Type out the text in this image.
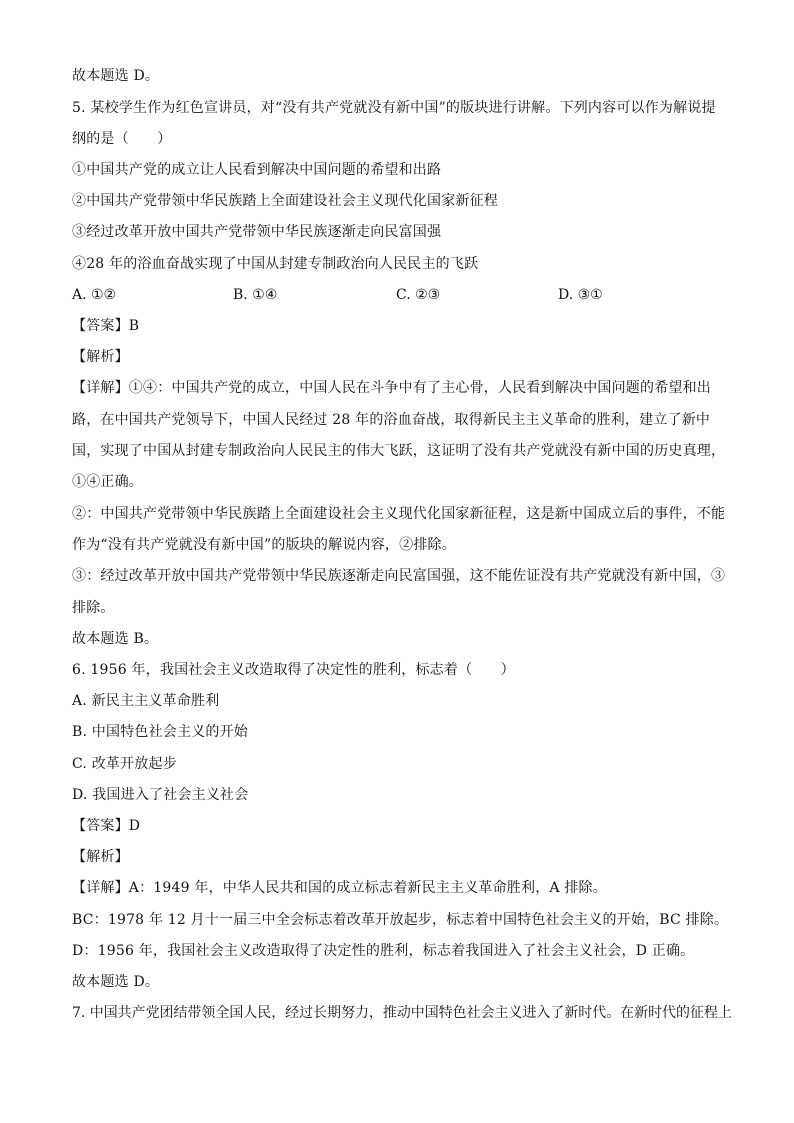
故本题选 D。
5. 某校学生作为红色宣讲员，对“没有共产党就没有新中国”的版块进行讲解。下列内容可以作为解说提
纲的是（　　）
①中国共产党的成立让人民看到解决中国问题的希望和出路
②中国共产党带领中华民族踏上全面建设社会主义现代化国家新征程
③经过改革开放中国共产党带领中华民族逐渐走向民富国强
④28 年的浴血奋战实现了中国从封建专制政治向人民民主的飞跃
A. ①②	B. ①④	C. ②③	D. ③①
【答案】B
【解析】
【详解】①④：中国共产党的成立，中国人民在斗争中有了主心骨，人民看到解决中国问题的希望和出
路，在中国共产党领导下，中国人民经过 28 年的浴血奋战，取得新民主主义革命的胜利，建立了新中
国，实现了中国从封建专制政治向人民民主的伟大飞跃，这证明了没有共产党就没有新中国的历史真理，
①④正确。
②：中国共产党带领中华民族踏上全面建设社会主义现代化国家新征程，这是新中国成立后的事件，不能
作为“没有共产党就没有新中国”的版块的解说内容，②排除。
③：经过改革开放中国共产党带领中华民族逐渐走向民富国强，这不能佐证没有共产党就没有新中国，③
排除。
故本题选 B。
6. 1956 年，我国社会主义改造取得了决定性的胜利，标志着（　　）
A. 新民主主义革命胜利
B. 中国特色社会主义的开始
C. 改革开放起步
D. 我国进入了社会主义社会
【答案】D
【解析】
【详解】A：1949 年，中华人民共和国的成立标志着新民主主义革命胜利，A 排除。
BC：1978 年 12 月十一届三中全会标志着改革开放起步，标志着中国特色社会主义的开始，BC 排除。
D：1956 年，我国社会主义改造取得了决定性的胜利，标志着我国进入了社会主义社会，D 正确。
故本题选 D。
7. 中国共产党团结带领全国人民，经过长期努力，推动中国特色社会主义进入了新时代。在新时代的征程上
